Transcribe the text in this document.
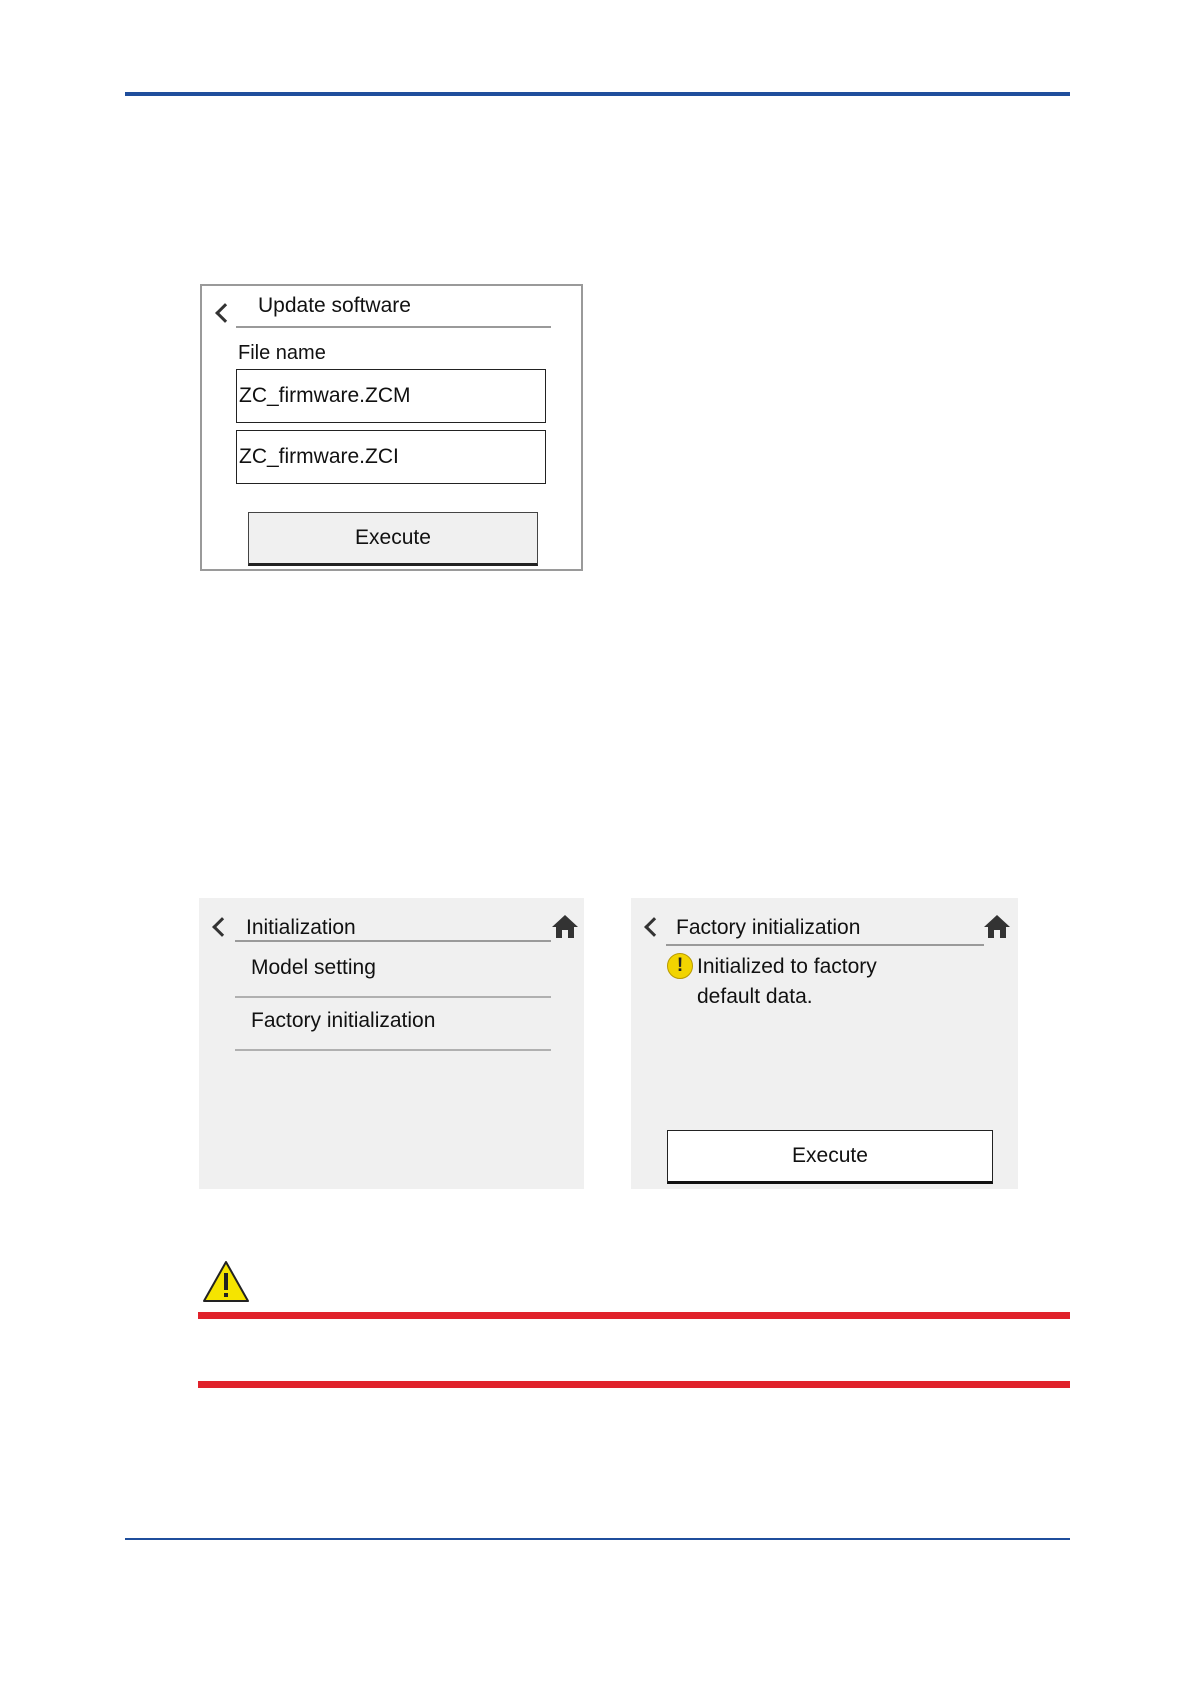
Update software
File name
ZC_firmware.ZCM
ZC_firmware.ZCI
Execute
Initialization
Model setting
Factory initialization
Factory initialization
! Initialized to factory
default data.
Execute
